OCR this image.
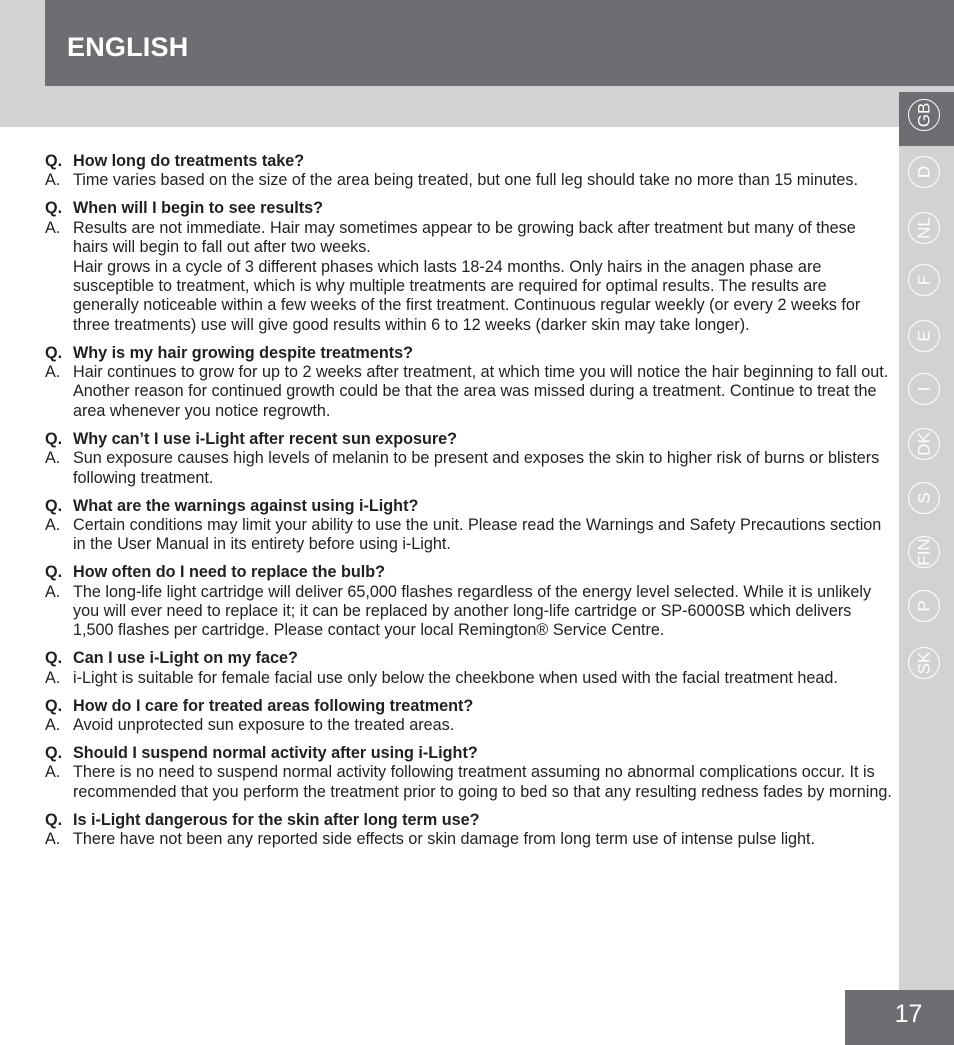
ENGLISH
GB
D
NL
F
E
I
DK
S
FIN
P
SK
Q. How long do treatments take?
A. Time varies based on the size of the area being treated, but one full leg should take no more than 15 minutes.
Q. When will I begin to see results?
A. Results are not immediate. Hair may sometimes appear to be growing back after treatment but many of these hairs will begin to fall out after two weeks.
Hair grows in a cycle of 3 different phases which lasts 18-24 months. Only hairs in the anagen phase are susceptible to treatment, which is why multiple treatments are required for optimal results. The results are generally noticeable within a few weeks of the first treatment. Continuous regular weekly (or every 2 weeks for three treatments) use will give good results within 6 to 12 weeks (darker skin may take longer).
Q. Why is my hair growing despite treatments?
A. Hair continues to grow for up to 2 weeks after treatment, at which time you will notice the hair beginning to fall out. Another reason for continued growth could be that the area was missed during a treatment. Continue to treat the area whenever you notice regrowth.
Q. Why can’t I use i-Light after recent sun exposure?
A. Sun exposure causes high levels of melanin to be present and exposes the skin to higher risk of burns or blisters following treatment.
Q. What are the warnings against using i-Light?
A. Certain conditions may limit your ability to use the unit. Please read the Warnings and Safety Precautions section in the User Manual in its entirety before using i-Light.
Q. How often do I need to replace the bulb?
A. The long-life light cartridge will deliver 65,000 flashes regardless of the energy level selected. While it is unlikely you will ever need to replace it; it can be replaced by another long-life cartridge or SP-6000SB which delivers 1,500 flashes per cartridge. Please contact your local Remington® Service Centre.
Q. Can I use i-Light on my face?
A. i-Light is suitable for female facial use only below the cheekbone when used with the facial treatment head.
Q. How do I care for treated areas following treatment?
A. Avoid unprotected sun exposure to the treated areas.
Q. Should I suspend normal activity after using i-Light?
A. There is no need to suspend normal activity following treatment assuming no abnormal complications occur. It is recommended that you perform the treatment prior to going to bed so that any resulting redness fades by morning.
Q. Is i-Light dangerous for the skin after long term use?
A. There have not been any reported side effects or skin damage from long term use of intense pulse light.
17
